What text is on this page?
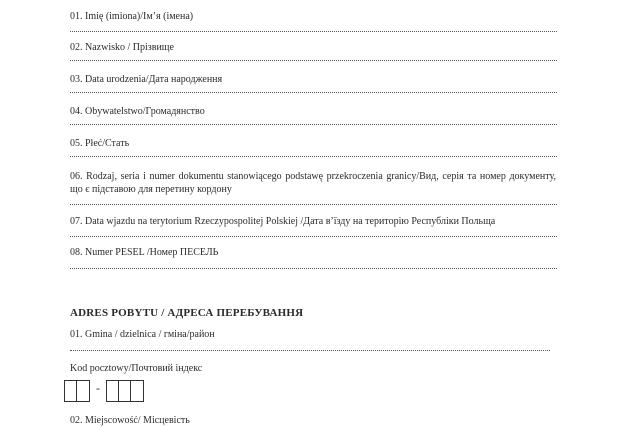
01. Imię (imiona)/Ім’я (імена)
02. Nazwisko / Прізвище
03. Data urodzenia/Дата народження
04. Obywatelstwo/Громадянство
05. Płeć/Стать
06. Rodzaj, seria i numer dokumentu stanowiącego podstawę przekroczenia granicy/Вид, серія та номер документу, що є підставою для перетину кордону
07. Data wjazdu na terytorium Rzeczypospolitej Polskiej /Дата в’їзду на територію Республіки Польща
08. Numer PESEL /Номер ПЕСЕЛЬ
ADRES POBYTU / АДРЕСА ПЕРЕБУВАННЯ
01. Gmina / dzielnica / гміна/район
Kod pocztowy/Почтовий індекс
-
02. Miejscowość/ Місцевість
